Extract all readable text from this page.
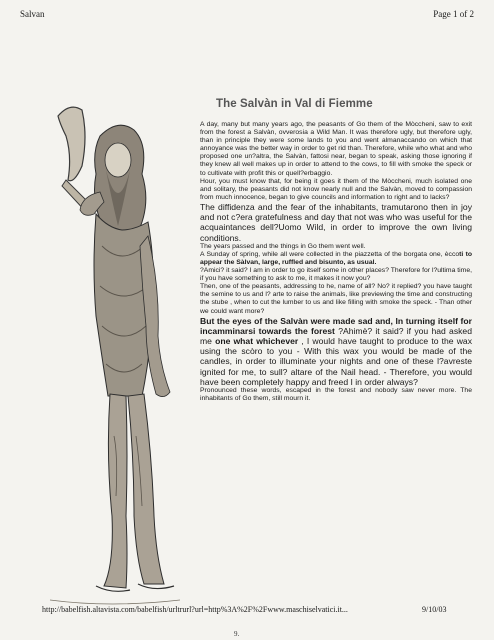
Salvan	Page 1 of 2
The Salvàn in Val di Fiemme

A day, many but many years ago, the peasants of Go them of the Mòccheni, saw to exit from the forest a Salvàn, ovverosia a Wild Man. It was therefore ugly, but therefore ugly, than in principle they were some lands to you and went almanaccando on which that annoyance was the better way in order to get rid than. Therefore, while who what and who proposed one un?altra, the Salvàn, fattosi near, began to speak, asking those ignoring if they knew all well makes up in order to attend to the cows, to fill with smoke the speck or to cultivate with profit this or quell?erbaggio.

Hour, you must know that, for being it goes it them of the Mòccheni, much isolated one and solitary, the peasants did not know nearly null and the Salvàn, moved to compassion from much innocence, began to give councils and information to right and to lacks?

The diffidenza and the fear of the inhabitants, tramutarono then in joy and not c?era gratefulness and day that not was who was useful for the acquaintances dell?Uomo Wild, in order to improve the own living conditions.

The years passed and the things in Go them went well.

A Sunday of spring, while all were collected in the piazzetta of the borgata one, èccoti to appear the Sàlvan, large, ruffled and bisunto, as usual.

?Amici? it said? I am in order to go itself some in other places? Therefore for l?ultima time, if you have something to ask to me, it makes it now you?

Then, one of the peasants, addressing to he, name of all? No? it replied? you have taught the semine to us and l? arte to raise the animals, like previewing the time and constructing the stube , when to cut the lumber to us and like filling with smoke the speck. - Than other we could want more?

But the eyes of the Salvàn were made sad and, In turning itself for incamminarsi towards the forest ?Ahimè? it said? if you had asked me one what whichever , I would have taught to produce to the wax using the scòro to you - With this wax you would be made of the candles, in order to illuminate your nights and one of these l?avreste ignited for me, to sull? altare of the Nail head. - Therefore, you would have been completely happy and freed I in order always?

Pronounced these words, escaped in the forest and nobody saw never more. The inhabitants of Go them, still mourn it.

http://babelfish.altavista.com/babelfish/urltrurl?url=http%3A%2F%2Fwww.maschiselvatici.it...	9/10/03
9.
